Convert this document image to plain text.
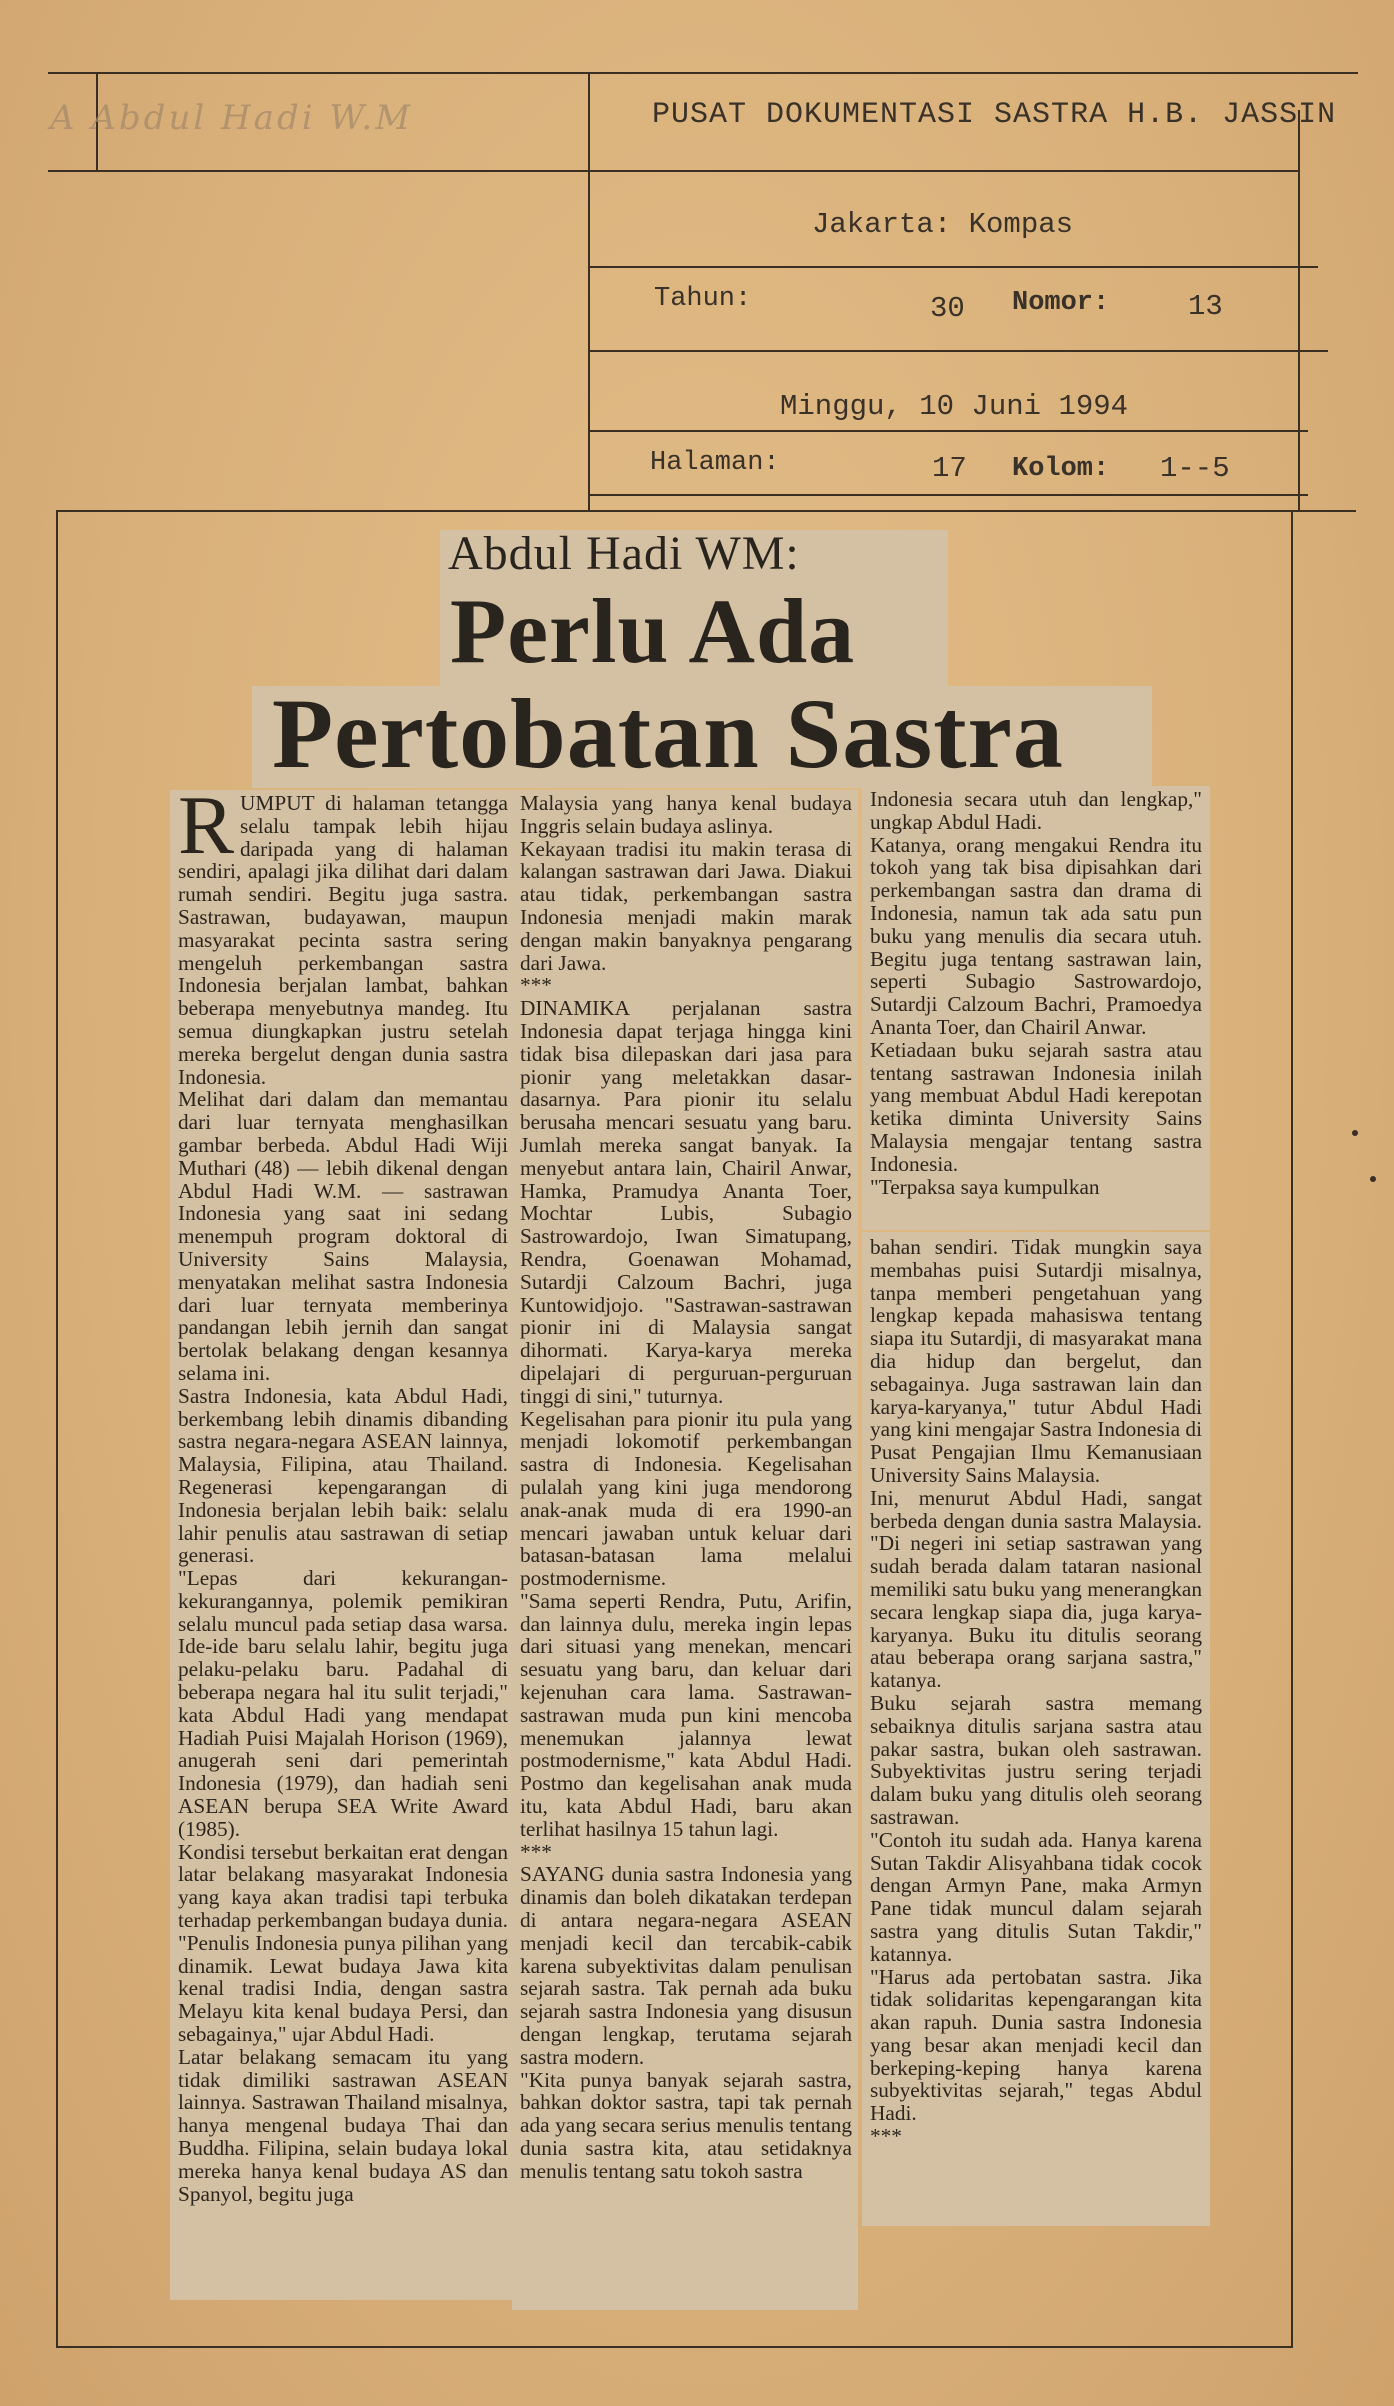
A Abdul Hadi W.M	PUSAT DOKUMENTASI SASTRA H.B. JASSIN
Jakarta: Kompas
Tahun:	30 Nomor:	13
Minggu, 10 Juni 1994
Halaman:	17 Kolom: 1--5
Abdul Hadi WM:
Perlu Ada
Pertobatan Sastra
RUMPUT di halaman tetangga selalu tampak lebih hijau daripada yang di halaman sendiri, apalagi jika dilihat dari dalam rumah sendiri. Begitu juga sastra. Sastrawan, budayawan, maupun masyarakat pecinta sastra sering mengeluh perkembangan sastra Indonesia berjalan lambat, bahkan beberapa menyebutnya mandeg. Itu semua diungkapkan justru setelah mereka bergelut dengan dunia sastra Indonesia.
Melihat dari dalam dan memantau dari luar ternyata menghasilkan gambar berbeda. Abdul Hadi Wiji Muthari (48) — lebih dikenal dengan Abdul Hadi W.M. — sastrawan Indonesia yang saat ini sedang menempuh program doktoral di University Sains Malaysia, menyatakan melihat sastra Indonesia dari luar ternyata memberinya pandangan lebih jernih dan sangat bertolak belakang dengan kesannya selama ini.
Sastra Indonesia, kata Abdul Hadi, berkembang lebih dinamis dibanding sastra negara-negara ASEAN lainnya, Malaysia, Filipina, atau Thailand. Regenerasi kepengarangan di Indonesia berjalan lebih baik: selalu lahir penulis atau sastrawan di setiap generasi.
"Lepas dari kekurangan-kekurangannya, polemik pemikiran selalu muncul pada setiap dasa warsa. Ide-ide baru selalu lahir, begitu juga pelaku-pelaku baru. Padahal di beberapa negara hal itu sulit terjadi," kata Abdul Hadi yang mendapat Hadiah Puisi Majalah Horison (1969), anugerah seni dari pemerintah Indonesia (1979), dan hadiah seni ASEAN berupa SEA Write Award (1985).
Kondisi tersebut berkaitan erat dengan latar belakang masyarakat Indonesia yang kaya akan tradisi tapi terbuka terhadap perkembangan budaya dunia. "Penulis Indonesia punya pilihan yang dinamik. Lewat budaya Jawa kita kenal tradisi India, dengan sastra Melayu kita kenal budaya Persi, dan sebagainya," ujar Abdul Hadi.
Latar belakang semacam itu yang tidak dimiliki sastrawan ASEAN lainnya. Sastrawan Thailand misalnya, hanya mengenal budaya Thai dan Buddha. Filipina, selain budaya lokal mereka hanya kenal budaya AS dan Spanyol, begitu juga
Malaysia yang hanya kenal budaya Inggris selain budaya aslinya.
Kekayaan tradisi itu makin terasa di kalangan sastrawan dari Jawa. Diakui atau tidak, perkembangan sastra Indonesia menjadi makin marak dengan makin banyaknya pengarang dari Jawa.
***
DINAMIKA perjalanan sastra Indonesia dapat terjaga hingga kini tidak bisa dilepaskan dari jasa para pionir yang meletakkan dasar-dasarnya. Para pionir itu selalu berusaha mencari sesuatu yang baru. Jumlah mereka sangat banyak. Ia menyebut antara lain, Chairil Anwar, Hamka, Pramudya Ananta Toer, Mochtar Lubis, Subagio Sastrowardojo, Iwan Simatupang, Rendra, Goenawan Mohamad, Sutardji Calzoum Bachri, juga Kuntowidjojo. "Sastrawan-sastrawan pionir ini di Malaysia sangat dihormati. Karya-karya mereka dipelajari di perguruan-perguruan tinggi di sini," tuturnya.
Kegelisahan para pionir itu pula yang menjadi lokomotif perkembangan sastra di Indonesia. Kegelisahan pulalah yang kini juga mendorong anak-anak muda di era 1990-an mencari jawaban untuk keluar dari batasan-batasan lama melalui postmodernisme.
"Sama seperti Rendra, Putu, Arifin, dan lainnya dulu, mereka ingin lepas dari situasi yang menekan, mencari sesuatu yang baru, dan keluar dari kejenuhan cara lama. Sastrawan-sastrawan muda pun kini mencoba menemukan jalannya lewat postmodernisme," kata Abdul Hadi. Postmo dan kegelisahan anak muda itu, kata Abdul Hadi, baru akan terlihat hasilnya 15 tahun lagi.
***
SAYANG dunia sastra Indonesia yang dinamis dan boleh dikatakan terdepan di antara negara-negara ASEAN menjadi kecil dan tercabik-cabik karena subyektivitas dalam penulisan sejarah sastra. Tak pernah ada buku sejarah sastra Indonesia yang disusun dengan lengkap, terutama sejarah sastra modern.
"Kita punya banyak sejarah sastra, bahkan doktor sastra, tapi tak pernah ada yang secara serius menulis tentang dunia sastra kita, atau setidaknya menulis tentang satu tokoh sastra
Indonesia secara utuh dan lengkap," ungkap Abdul Hadi.
Katanya, orang mengakui Rendra itu tokoh yang tak bisa dipisahkan dari perkembangan sastra dan drama di Indonesia, namun tak ada satu pun buku yang menulis dia secara utuh. Begitu juga tentang sastrawan lain, seperti Subagio Sastrowardojo, Sutardji Calzoum Bachri, Pramoedya Ananta Toer, dan Chairil Anwar.
Ketiadaan buku sejarah sastra atau tentang sastrawan Indonesia inilah yang membuat Abdul Hadi kerepotan ketika diminta University Sains Malaysia mengajar tentang sastra Indonesia.
"Terpaksa saya kumpulkan
bahan sendiri. Tidak mungkin saya membahas puisi Sutardji misalnya, tanpa memberi pengetahuan yang lengkap kepada mahasiswa tentang siapa itu Sutardji, di masyarakat mana dia hidup dan bergelut, dan sebagainya. Juga sastrawan lain dan karya-karyanya," tutur Abdul Hadi yang kini mengajar Sastra Indonesia di Pusat Pengajian Ilmu Kemanusiaan University Sains Malaysia.
Ini, menurut Abdul Hadi, sangat berbeda dengan dunia sastra Malaysia. "Di negeri ini setiap sastrawan yang sudah berada dalam tataran nasional memiliki satu buku yang menerangkan secara lengkap siapa dia, juga karya-karyanya. Buku itu ditulis seorang atau beberapa orang sarjana sastra," katanya.
Buku sejarah sastra memang sebaiknya ditulis sarjana sastra atau pakar sastra, bukan oleh sastrawan. Subyektivitas justru sering terjadi dalam buku yang ditulis oleh seorang sastrawan.
"Contoh itu sudah ada. Hanya karena Sutan Takdir Alisyahbana tidak cocok dengan Armyn Pane, maka Armyn Pane tidak muncul dalam sejarah sastra yang ditulis Sutan Takdir," katannya.
"Harus ada pertobatan sastra. Jika tidak solidaritas kepengarangan kita akan rapuh. Dunia sastra Indonesia yang besar akan menjadi kecil dan berkeping-keping hanya karena subyektivitas sejarah," tegas Abdul Hadi.
***
